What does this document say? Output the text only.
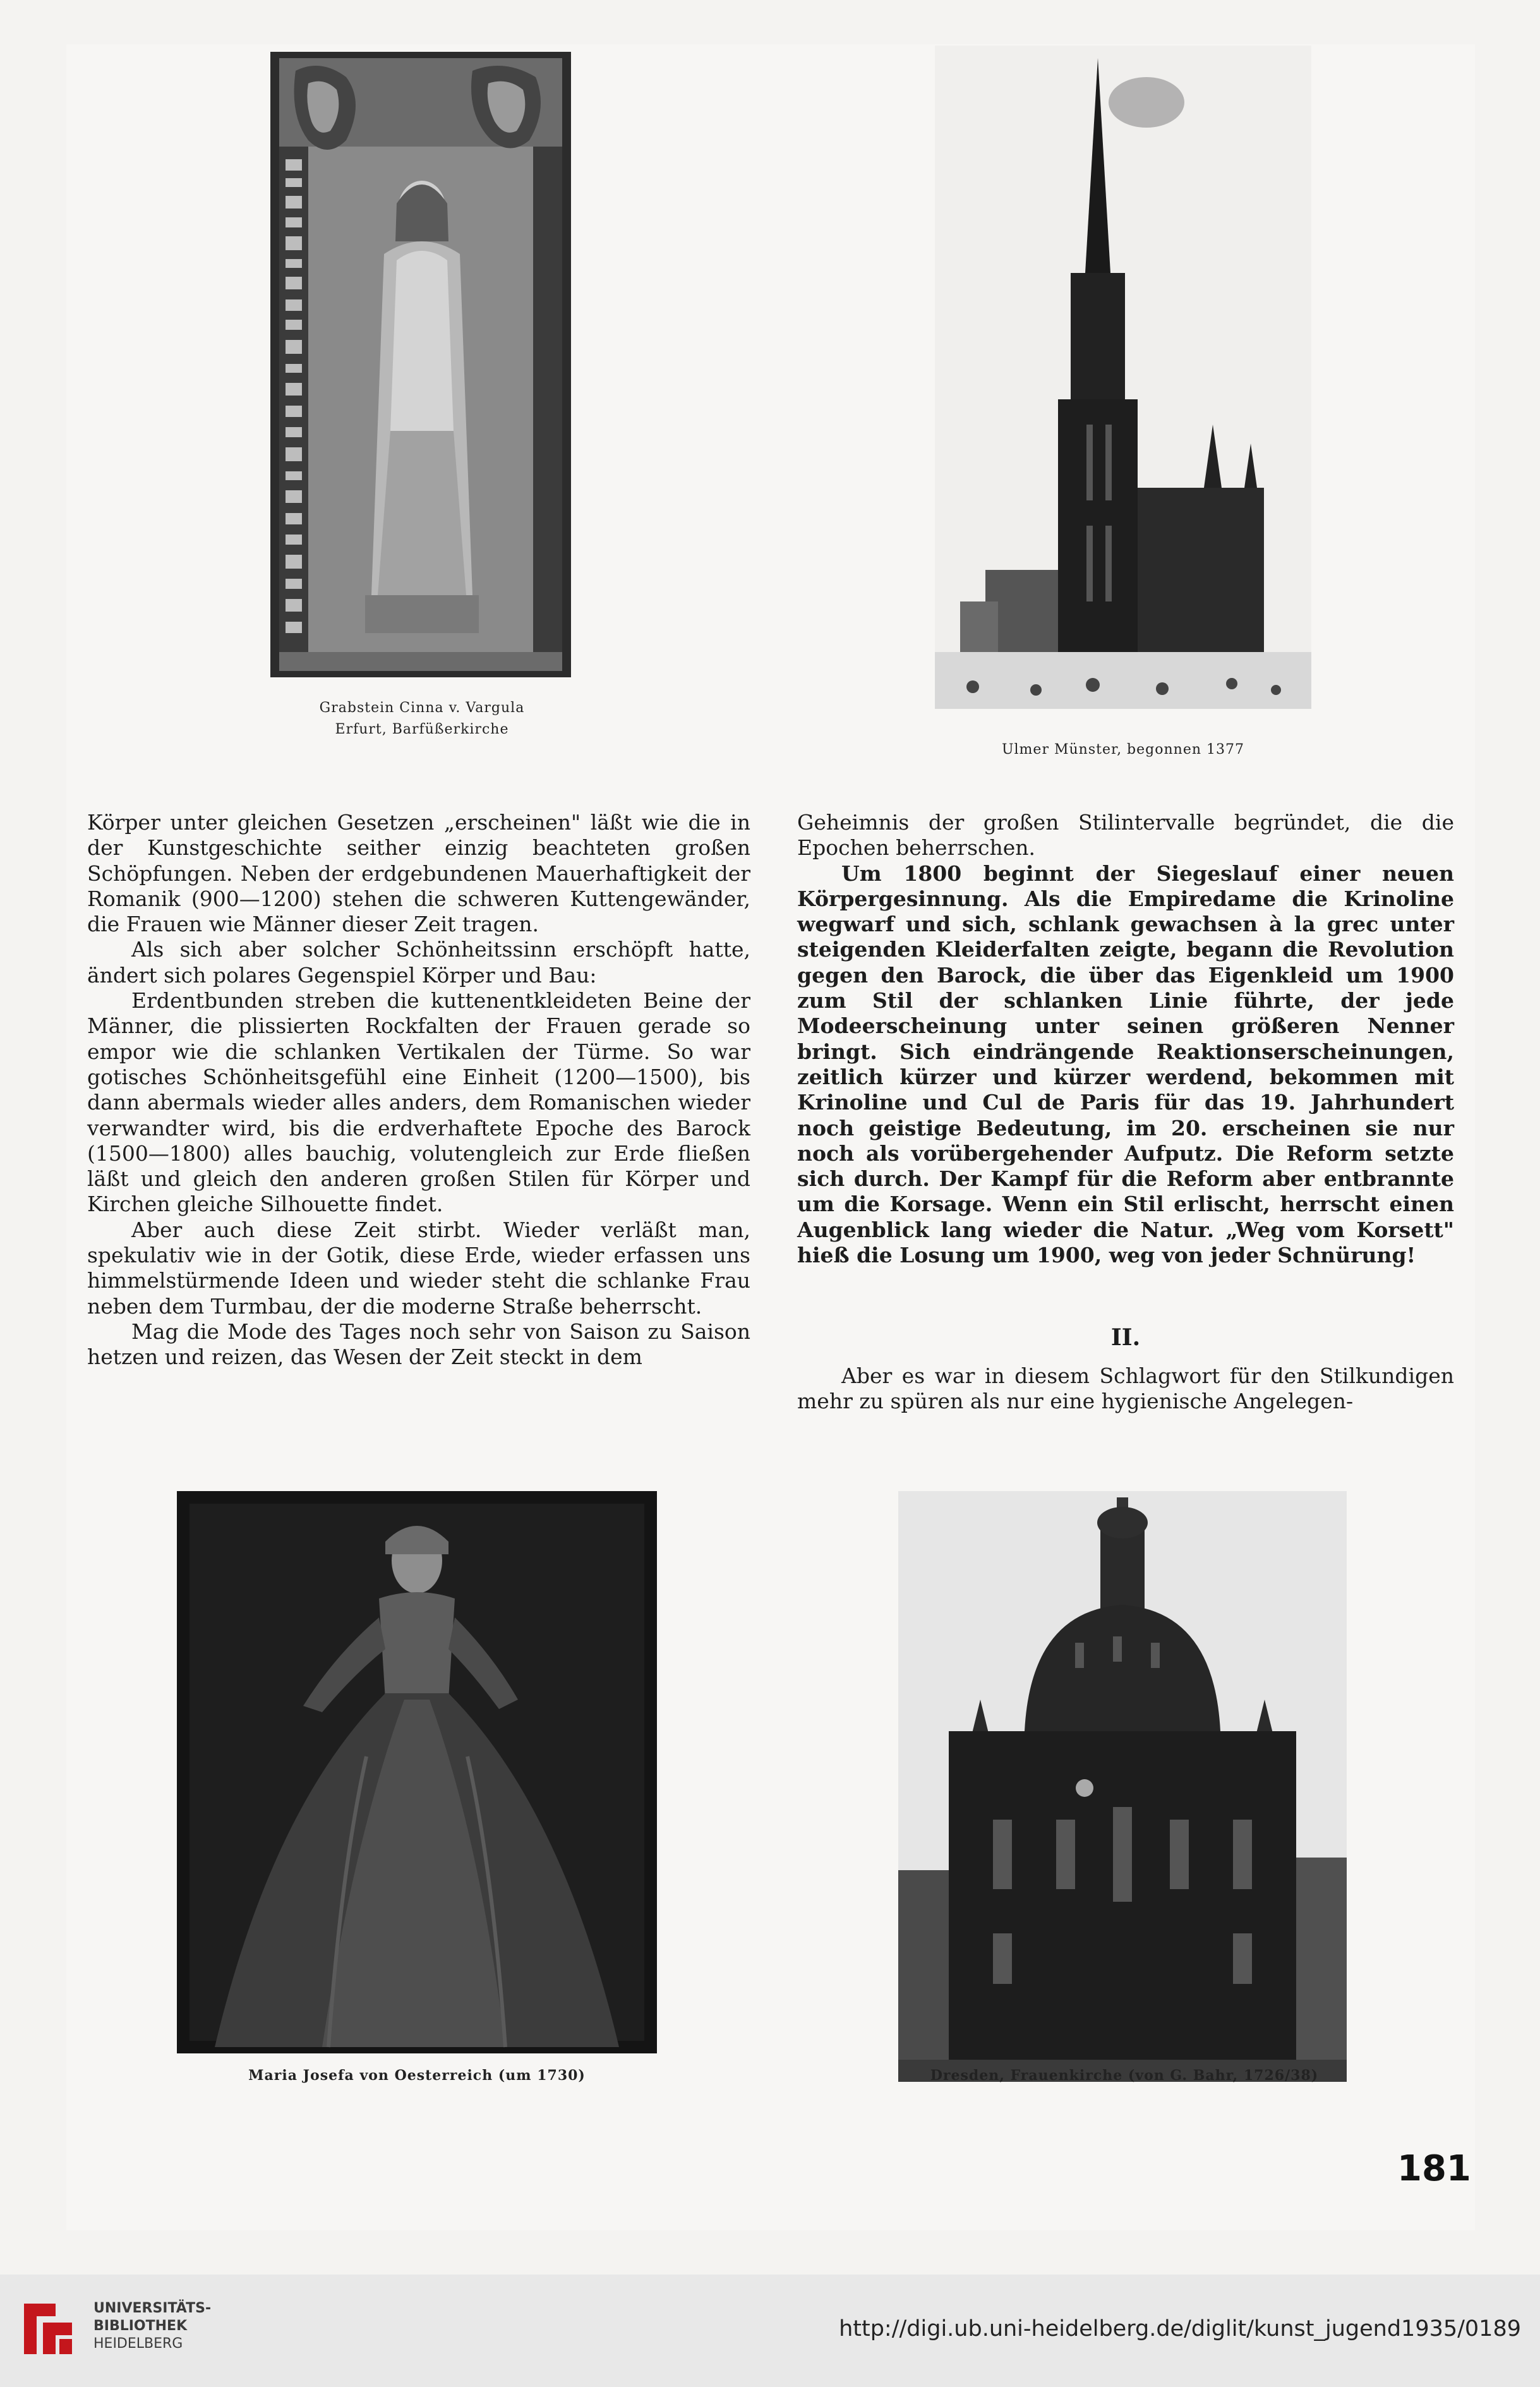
Grabstein Cinna v. Vargula
Erfurt, Barfüßerkirche
Ulmer Münster, begonnen 1377

Körper unter gleichen Gesetzen „erscheinen" läßt wie die in der Kunstgeschichte seither einzig beachteten großen Schöpfungen. Neben der erdgebundenen Mauerhaftigkeit der Romanik (900—1200) stehen die schweren Kuttengewänder, die Frauen wie Männer dieser Zeit tragen.

Als sich aber solcher Schönheitssinn erschöpft hatte, ändert sich polares Gegenspiel Körper und Bau:

Erdentbunden streben die kuttenentkleideten Beine der Männer, die plissierten Rockfalten der Frauen gerade so empor wie die schlanken Vertikalen der Türme. So war gotisches Schönheitsgefühl eine Einheit (1200—1500), bis dann abermals wieder alles anders, dem Romanischen wieder verwandter wird, bis die erdverhaftete Epoche des Barock (1500—1800) alles bauchig, volutengleich zur Erde fließen läßt und gleich den anderen großen Stilen für Körper und Kirchen gleiche Silhouette findet.

Aber auch diese Zeit stirbt. Wieder verläßt man, spekulativ wie in der Gotik, diese Erde, wieder erfassen uns himmelstürmende Ideen und wieder steht die schlanke Frau neben dem Turmbau, der die moderne Straße beherrscht.

Mag die Mode des Tages noch sehr von Saison zu Saison hetzen und reizen, das Wesen der Zeit steckt in dem

Geheimnis der großen Stilintervalle begründet, die die Epochen beherrschen.

Um 1800 beginnt der Siegeslauf einer neuen Körpergesinnung. Als die Empiredame die Krinoline wegwarf und sich, schlank gewachsen à la grec unter steigenden Kleiderfalten zeigte, begann die Revolution gegen den Barock, die über das Eigenkleid um 1900 zum Stil der schlanken Linie führte, der jede Modeerscheinung unter seinen größeren Nenner bringt. Sich eindrängende Reaktionserscheinungen, zeitlich kürzer und kürzer werdend, bekommen mit Krinoline und Cul de Paris für das 19. Jahrhundert noch geistige Bedeutung, im 20. erscheinen sie nur noch als vorübergehender Aufputz. Die Reform setzte sich durch. Der Kampf für die Reform aber entbrannte um die Korsage. Wenn ein Stil erlischt, herrscht einen Augenblick lang wieder die Natur. „Weg vom Korsett" hieß die Losung um 1900, weg von jeder Schnürung!

II.

Aber es war in diesem Schlagwort für den Stilkundigen mehr zu spüren als nur eine hygienische Angelegen-

Maria Josefa von Oesterreich (um 1730)	Dresden, Frauenkirche (von G. Bahr, 1726/38)
181
UNIVERSITÄTS-
BIBLIOTHEK
HEIDELBERG
http://digi.ub.uni-heidelberg.de/diglit/kunst_jugend1935/0189
